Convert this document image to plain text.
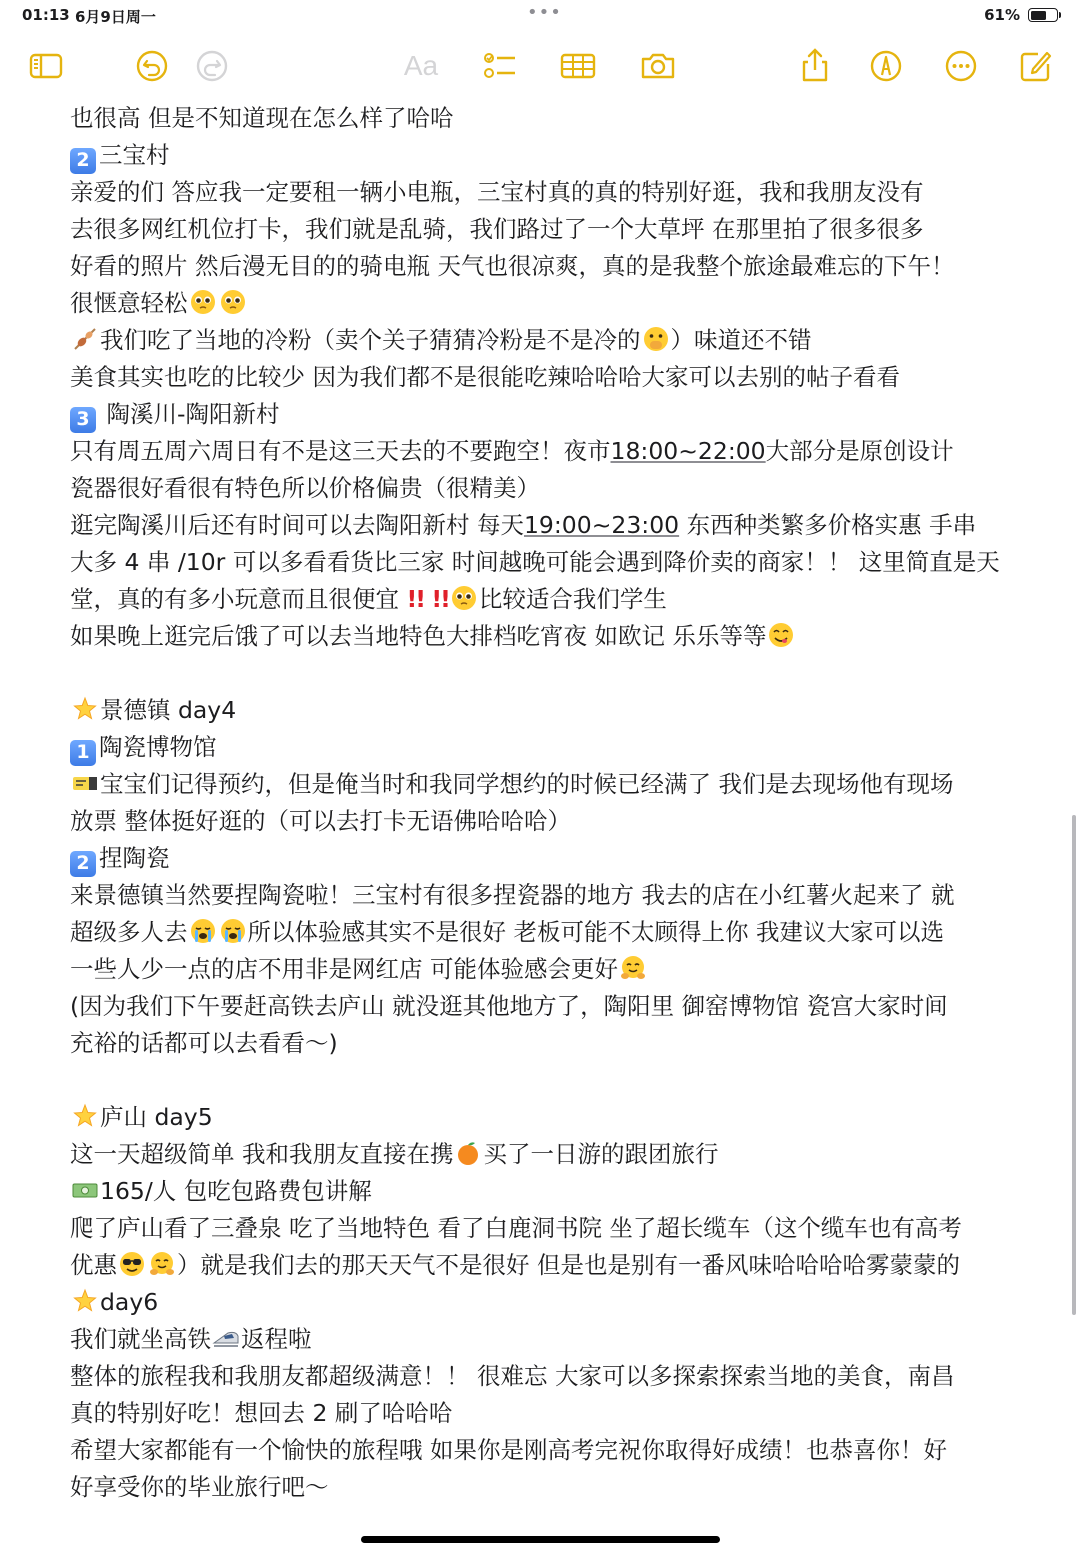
01:13 6月9日周一	•••	61%
Aa
也很高 但是不知道现在怎么样了哈哈
2 三宝村
亲爱的们 答应我一定要租一辆小电瓶，三宝村真的真的特别好逛，我和我朋友没有
去很多网红机位打卡，我们就是乱骑，我们路过了一个大草坪 在那里拍了很多很多
好看的照片 然后漫无目的的骑电瓶 天气也很凉爽，真的是我整个旅途最难忘的下午！
很惬意轻松
我们吃了当地的冷粉（卖个关子猜猜冷粉是不是冷的 ）味道还不错
美食其实也吃的比较少 因为我们都不是很能吃辣哈哈哈大家可以去别的帖子看看
3 陶溪川-陶阳新村
只有周五周六周日有不是这三天去的不要跑空！夜市18:00~22:00大部分是原创设计
瓷器很好看很有特色所以价格偏贵（很精美）
逛完陶溪川后还有时间可以去陶阳新村 每天19:00~23:00 东西种类繁多价格实惠 手串
大多 4 串 /10r 可以多看看货比三家 时间越晚可能会遇到降价卖的商家！！ 这里简直是天
堂，真的有多小玩意而且很便宜 !! !! 比较适合我们学生
如果晚上逛完后饿了可以去当地特色大排档吃宵夜 如欧记 乐乐等等
景德镇 day4
1 陶瓷博物馆
宝宝们记得预约，但是俺当时和我同学想约的时候已经满了 我们是去现场他有现场
放票 整体挺好逛的（可以去打卡无语佛哈哈哈）
2 捏陶瓷
来景德镇当然要捏陶瓷啦！三宝村有很多捏瓷器的地方 我去的店在小红薯火起来了 就
超级多人去	所以体验感其实不是很好 老板可能不太顾得上你 我建议大家可以选
一些人少一点的店不用非是网红店 可能体验感会更好
(因为我们下午要赶高铁去庐山 就没逛其他地方了，陶阳里 御窑博物馆 瓷宫大家时间
充裕的话都可以去看看～)
庐山 day5
这一天超级简单 我和我朋友直接在携 买了一日游的跟团旅行
165/人 包吃包路费包讲解
爬了庐山看了三叠泉 吃了当地特色 看了白鹿洞书院 坐了超长缆车（这个缆车也有高考
优惠	）就是我们去的那天天气不是很好 但是也是别有一番风味哈哈哈哈雾蒙蒙的
day6
我们就坐高铁 返程啦
整体的旅程我和我朋友都超级满意！！ 很难忘 大家可以多探索探索当地的美食，南昌
真的特别好吃！想回去 2 刷了哈哈哈
希望大家都能有一个愉快的旅程哦 如果你是刚高考完祝你取得好成绩！也恭喜你！好
好享受你的毕业旅行吧～
